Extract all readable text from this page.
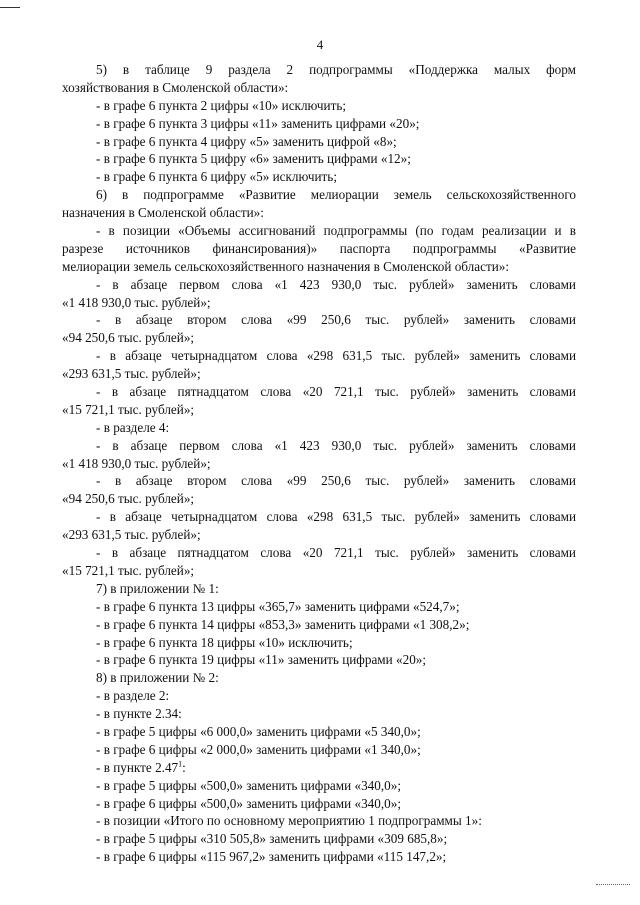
4
5) в таблице 9 раздела 2 подпрограммы «Поддержка малых форм
хозяйствования в Смоленской области»:
- в графе 6 пункта 2 цифры «10» исключить;
- в графе 6 пункта 3 цифры «11» заменить цифрами «20»;
- в графе 6 пункта 4 цифру «5» заменить цифрой «8»;
- в графе 6 пункта 5 цифру «6» заменить цифрами «12»;
- в графе 6 пункта 6 цифру «5» исключить;
6) в подпрограмме «Развитие мелиорации земель сельскохозяйственного
назначения в Смоленской области»:
- в позиции «Объемы ассигнований подпрограммы (по годам реализации и в
разрезе источников финансирования)» паспорта подпрограммы «Развитие
мелиорации земель сельскохозяйственного назначения в Смоленской области»:
- в абзаце первом слова «1 423 930,0 тыс. рублей» заменить словами
«1 418 930,0 тыс. рублей»;
- в абзаце втором слова «99 250,6 тыс. рублей» заменить словами
«94 250,6 тыс. рублей»;
- в абзаце четырнадцатом слова «298 631,5 тыс. рублей» заменить словами
«293 631,5 тыс. рублей»;
- в абзаце пятнадцатом слова «20 721,1 тыс. рублей» заменить словами
«15 721,1 тыс. рублей»;
- в разделе 4:
- в абзаце первом слова «1 423 930,0 тыс. рублей» заменить словами
«1 418 930,0 тыс. рублей»;
- в абзаце втором слова «99 250,6 тыс. рублей» заменить словами
«94 250,6 тыс. рублей»;
- в абзаце четырнадцатом слова «298 631,5 тыс. рублей» заменить словами
«293 631,5 тыс. рублей»;
- в абзаце пятнадцатом слова «20 721,1 тыс. рублей» заменить словами
«15 721,1 тыс. рублей»;
7) в приложении № 1:
- в графе 6 пункта 13 цифры «365,7» заменить цифрами «524,7»;
- в графе 6 пункта 14 цифры «853,3» заменить цифрами «1 308,2»;
- в графе 6 пункта 18 цифры «10» исключить;
- в графе 6 пункта 19 цифры «11» заменить цифрами «20»;
8) в приложении № 2:
- в разделе 2:
- в пункте 2.34:
- в графе 5 цифры «6 000,0» заменить цифрами «5 340,0»;
- в графе 6 цифры «2 000,0» заменить цифрами «1 340,0»;
- в пункте 2.47$^1$:
- в графе 5 цифры «500,0» заменить цифрами «340,0»;
- в графе 6 цифры «500,0» заменить цифрами «340,0»;
- в позиции «Итого по основному мероприятию 1 подпрограммы 1»:
- в графе 5 цифры «310 505,8» заменить цифрами «309 685,8»;
- в графе 6 цифры «115 967,2» заменить цифрами «115 147,2»;
